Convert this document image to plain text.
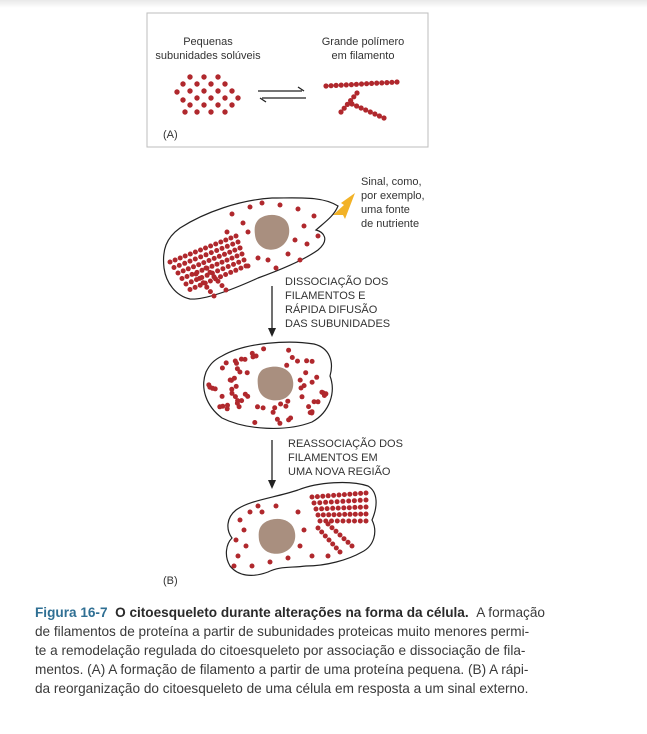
Pequenas
subunidades solúveis
Grande polímero
em filamento
(A)
Sinal, como,
por exemplo,
uma fonte
de nutriente
DISSOCIAÇÃO DOS
FILAMENTOS E
RÁPIDA DIFUSÃO
DAS SUBUNIDADES
REASSOCIAÇÃO DOS
FILAMENTOS EM
UMA NOVA REGIÃO
(B)

Figura 16-7 O citoesqueleto durante alterações na forma da célula. A formação

de filamentos de proteína a partir de subunidades proteicas muito menores permi-

te a remodelação regulada do citoesqueleto por associação e dissociação de fila-

mentos. (A) A formação de filamento a partir de uma proteína pequena. (B) A rápi-

da reorganização do citoesqueleto de uma célula em resposta a um sinal externo.
